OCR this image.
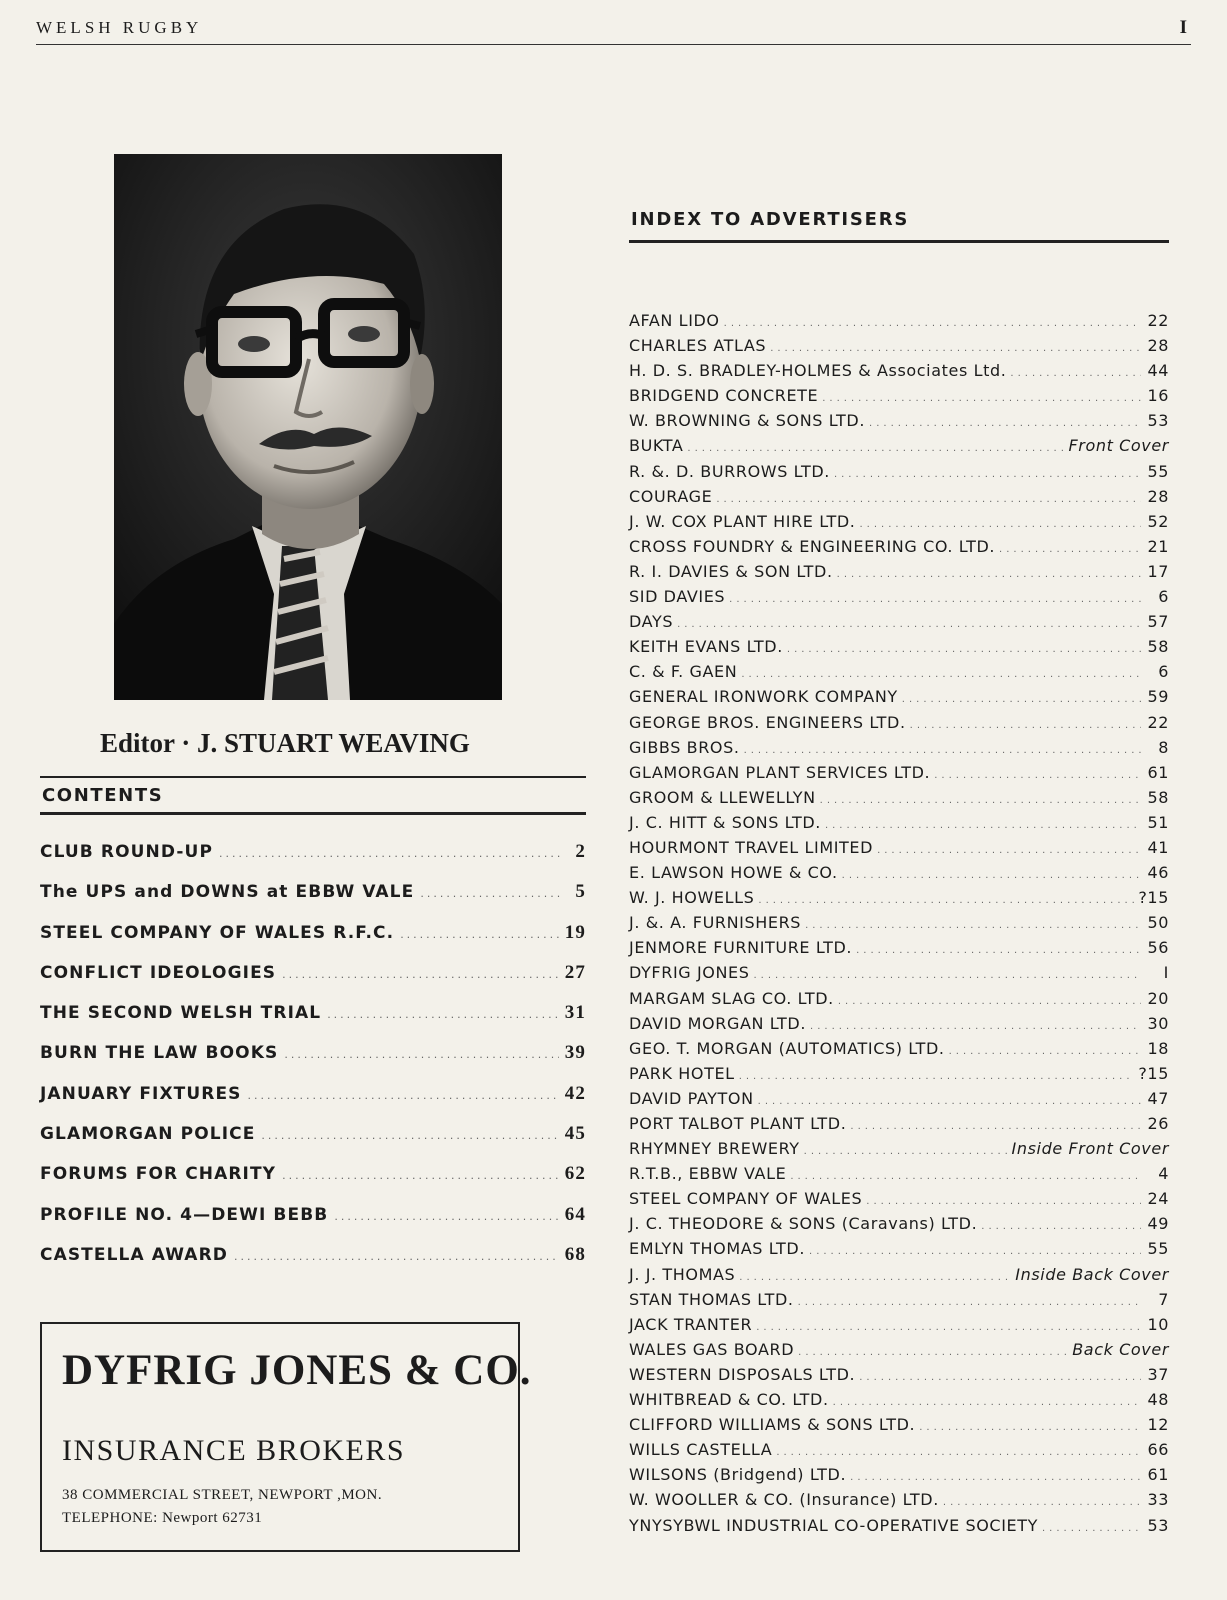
WELSH RUGBY	I
Editor · J. STUART WEAVING
CONTENTS
CLUB ROUND-UP .....	2
The UPS and DOWNS at EBBW VALE .....	5
STEEL COMPANY OF WALES R.F.C. .....	19
CONFLICT IDEOLOGIES .....	27
THE SECOND WELSH TRIAL .....	31
BURN THE LAW BOOKS .....	39
JANUARY FIXTURES .....	42
GLAMORGAN POLICE .....	45
FORUMS FOR CHARITY .....	62
PROFILE NO. 4—DEWI BEBB .....	64
CASTELLA AWARD .....	68
DYFRIG JONES & CO.
INSURANCE BROKERS
38 COMMERCIAL STREET, NEWPORT ,MON.
TELEPHONE: Newport 62731
INDEX TO ADVERTISERS
AFAN LIDO .....	22
CHARLES ATLAS .....	28
H. D. S. BRADLEY-HOLMES & Associates Ltd. .....	44
BRIDGEND CONCRETE .....	16
W. BROWNING & SONS LTD. .....	53
BUKTA .....	Front Cover
R. &. D. BURROWS LTD. .....	55
COURAGE .....	28
J. W. COX PLANT HIRE LTD. .....	52
CROSS FOUNDRY & ENGINEERING CO. LTD. .....	21
R. I. DAVIES & SON LTD. .....	17
SID DAVIES .....	6
DAYS .....	57
KEITH EVANS LTD. .....	58
C. & F. GAEN .....	6
GENERAL IRONWORK COMPANY .....	59
GEORGE BROS. ENGINEERS LTD. .....	22
GIBBS BROS. .....	8
GLAMORGAN PLANT SERVICES LTD. .....	61
GROOM & LLEWELLYN .....	58
J. C. HITT & SONS LTD. .....	51
HOURMONT TRAVEL LIMITED .....	41
E. LAWSON HOWE & CO. .....	46
W. J. HOWELLS .....	?15
J. &. A. FURNISHERS .....	50
JENMORE FURNITURE LTD. .....	56
DYFRIG JONES .....	I
MARGAM SLAG CO. LTD. .....	20
DAVID MORGAN LTD. .....	30
GEO. T. MORGAN (AUTOMATICS) LTD. .....	18
PARK HOTEL .....	?15
DAVID PAYTON .....	47
PORT TALBOT PLANT LTD. .....	26
RHYMNEY BREWERY .....	Inside Front Cover
R.T.B., EBBW VALE .....	4
STEEL COMPANY OF WALES .....	24
J. C. THEODORE & SONS (Caravans) LTD. .....	49
EMLYN THOMAS LTD. .....	55
J. J. THOMAS .....	Inside Back Cover
STAN THOMAS LTD. .....	7
JACK TRANTER .....	10
WALES GAS BOARD .....	Back Cover
WESTERN DISPOSALS LTD. .....	37
WHITBREAD & CO. LTD. .....	48
CLIFFORD WILLIAMS & SONS LTD. .....	12
WILLS CASTELLA .....	66
WILSONS (Bridgend) LTD. .....	61
W. WOOLLER & CO. (Insurance) LTD. .....	33
YNYSYBWL INDUSTRIAL CO-OPERATIVE SOCIETY .....	53
